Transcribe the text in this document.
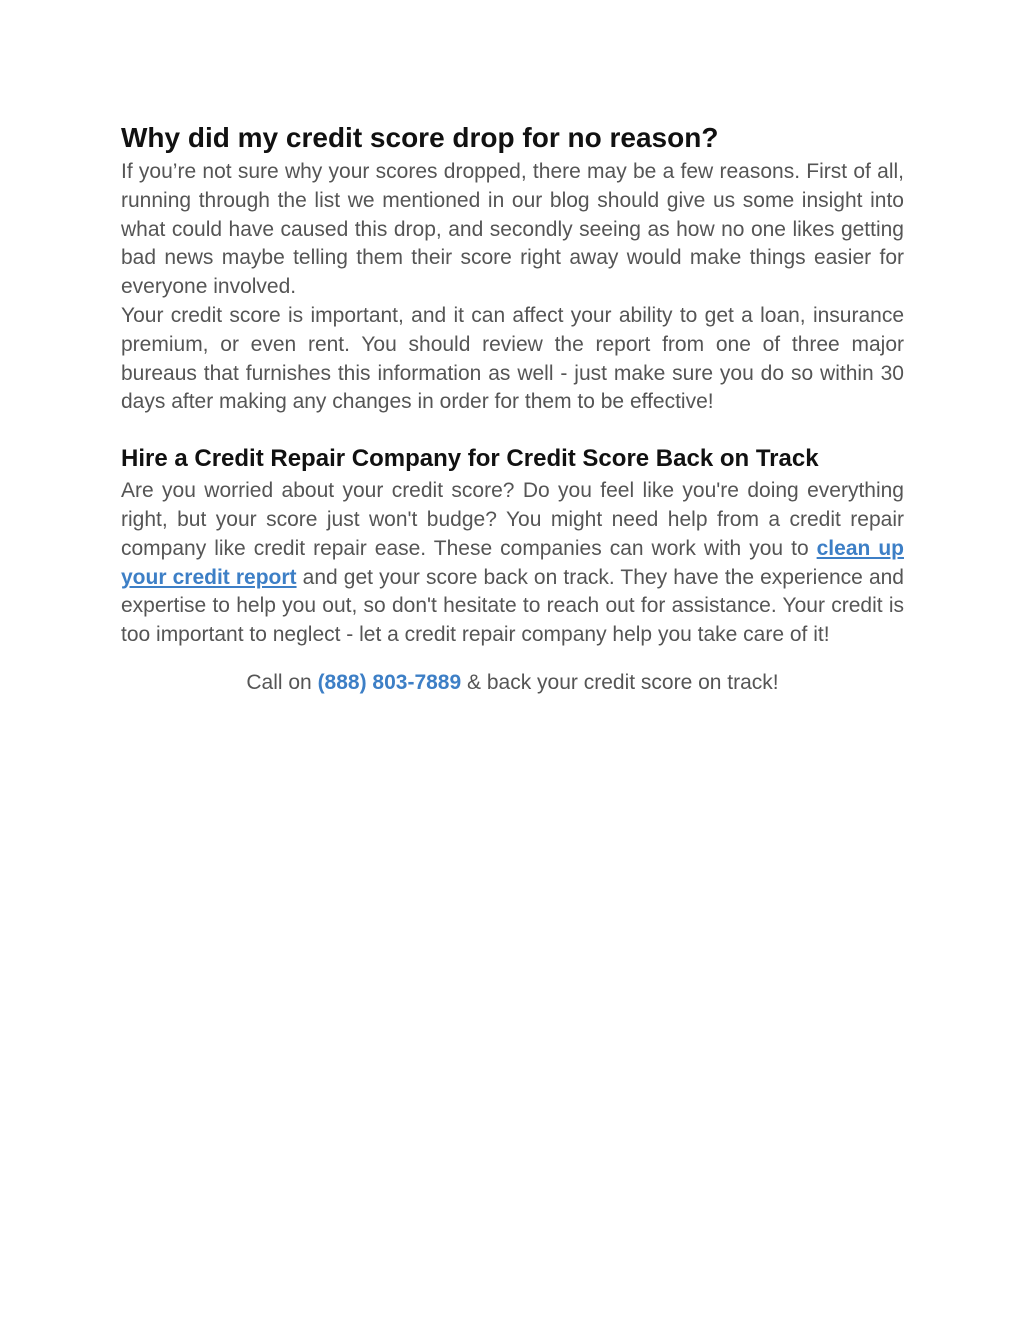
Why did my credit score drop for no reason?

If you’re not sure why your scores dropped, there may be a few reasons. First of all, running through the list we mentioned in our blog should give us some insight into what could have caused this drop, and secondly seeing as how no one likes getting bad news maybe telling them their score right away would make things easier for everyone involved.

Your credit score is important, and it can affect your ability to get a loan, insurance premium, or even rent. You should review the report from one of three major bureaus that furnishes this information as well - just make sure you do so within 30 days after making any changes in order for them to be effective!

Hire a Credit Repair Company for Credit Score Back on Track

Are you worried about your credit score? Do you feel like you're doing everything right, but your score just won't budge? You might need help from a credit repair company like credit repair ease. These companies can work with you to clean up your credit report and get your score back on track. They have the experience and expertise to help you out, so don't hesitate to reach out for assistance. Your credit is too important to neglect - let a credit repair company help you take care of it!

Call on (888) 803-7889 & back your credit score on track!
